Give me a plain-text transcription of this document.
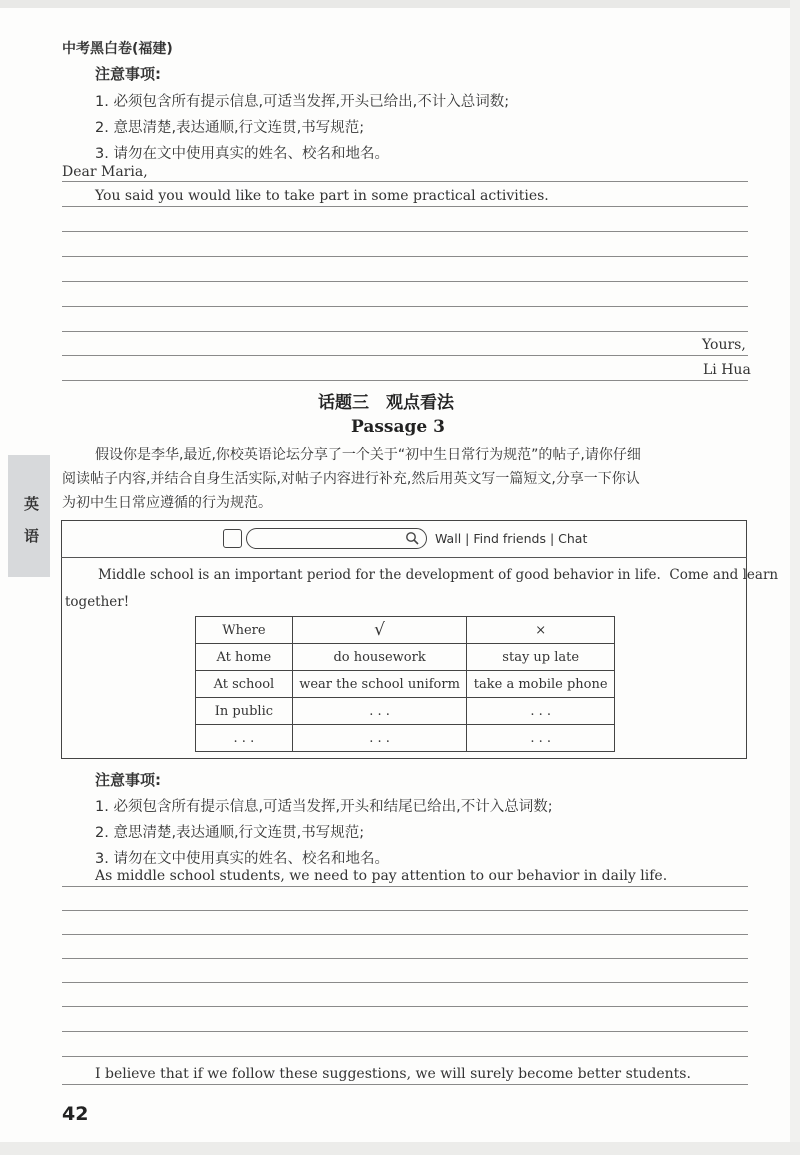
中考黑白卷(福建)
注意事项:
1. 必须包含所有提示信息,可适当发挥,开头已给出,不计入总词数;
2. 意思清楚,表达通顺,行文连贯,书写规范;
3. 请勿在文中使用真实的姓名、校名和地名。
Dear Maria,
You said you would like to take part in some practical activities.
Yours,
Li Hua
话题三　观点看法
Passage 3
假设你是李华,最近,你校英语论坛分享了一个关于“初中生日常行为规范”的帖子,请你仔细
阅读帖子内容,并结合自身生活实际,对帖子内容进行补充,然后用英文写一篇短文,分享一下你认
为初中生日常应遵循的行为规范。
英
语	Wall | Find friends | Chat
Middle school is an important period for the development of good behavior in life.  Come and learn
together!
Where	√	×
At home	do housework	stay up late
At school	wear the school uniform	take a mobile phone
In public	. . .	. . .
. . .	. . .	. . .
注意事项:
1. 必须包含所有提示信息,可适当发挥,开头和结尾已给出,不计入总词数;
2. 意思清楚,表达通顺,行文连贯,书写规范;
3. 请勿在文中使用真实的姓名、校名和地名。
As middle school students, we need to pay attention to our behavior in daily life.
I believe that if we follow these suggestions, we will surely become better students.
42
